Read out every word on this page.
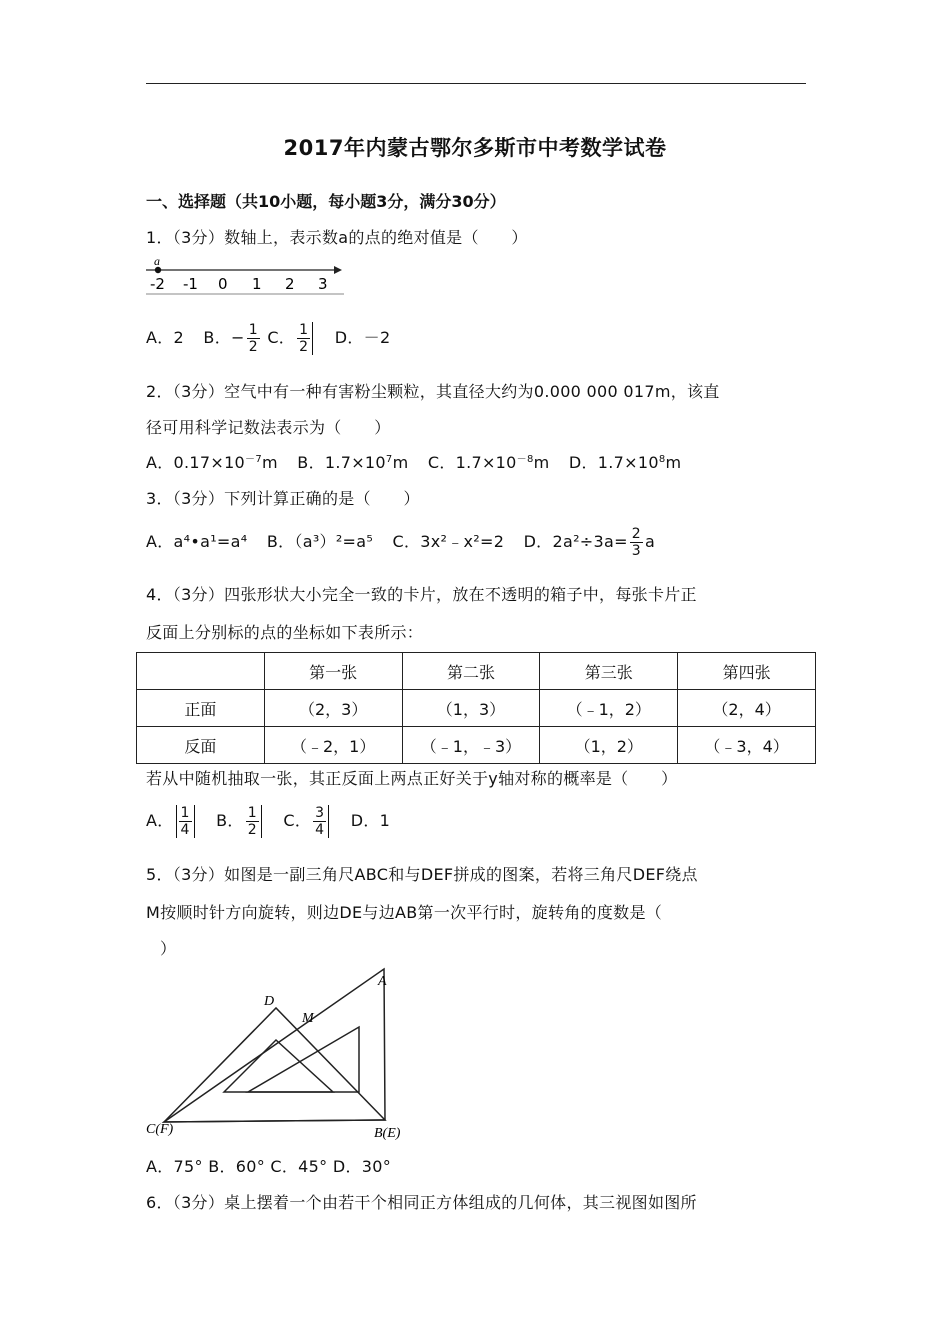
2017年内蒙古鄂尔多斯市中考数学试卷
一、选择题（共10小题，每小题3分，满分30分）
1．（3分）数轴上，表示数a的点的绝对值是（　　）
a
-2 -1 0 1 2 3
A．2 B．− $\frac{1}{2}$ C． $\frac{1}{2}$ D．－2
2．（3分）空气中有一种有害粉尘颗粒，其直径大约为0.000 000 017m，该直
径可用科学记数法表示为（　　）
A．$0.17\times 10^{-7}m$ B．$1.7\times 10^7m$ C．$1.7\times 10^{-8}m$ D．$1.7\times 10^8m$
3．（3分）下列计算正确的是（　　）
A．a⁴•a¹=a⁴ B．（a³）²=a⁵ C．3x²﹣x²=2 D．$2a^2\div 3a= \frac{2}{3}$ a
4．（3分）四张形状大小完全一致的卡片，放在不透明的箱子中，每张卡片正
反面上分别标的点的坐标如下表所示：
	第一张	第二张	第三张	第四张
正面	（2，3）	（1，3）	（﹣1，2）	（2，4）
反面	（﹣2，1）	（﹣1，﹣3）	（1，2）	（﹣3，4）
若从中随机抽取一张，其正反面上两点正好关于y轴对称的概率是（　　）
A． $\frac{1}{4}$ B． $\frac{1}{2}$ C． $\frac{3}{4}$ D．1
5．（3分）如图是一副三角尺ABC和与DEF拼成的图案，若将三角尺DEF绕点
M按顺时针方向旋转，则边DE与边AB第一次平行时，旋转角的度数是（
）
A
D
M
C(F)	B(E)
A．75° B．60° C．45° D．30°
6．（3分）桌上摆着一个由若干个相同正方体组成的几何体，其三视图如图所
